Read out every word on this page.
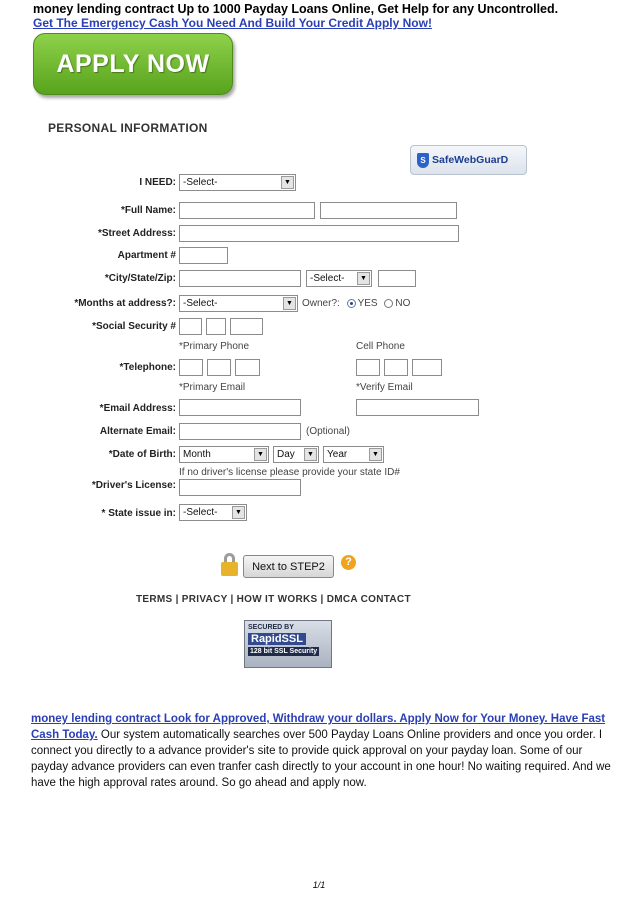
money lending contract Up to 1000 Payday Loans Online, Get Help for any Uncontrolled.
Get The Emergency Cash You Need And Build Your Credit Apply Now!
APPLY NOW
PERSONAL INFORMATION
S SafeWebGuarD
I NEED: -Select-	▼
*Full Name:
*Street Address:
Apartment #
*City/State/Zip:	-Select-	▼
*Months at address?: -Select-	▼ Owner?: YES NO
*Social Security #
*Primary Phone	Cell Phone
*Telephone:
*Primary Email	*Verify Email
*Email Address:
Alternate Email:	(Optional)
*Date of Birth: Month	▼	Day	▼	Year	▼
If no driver's license please provide your state ID#
*Driver's License:
* State issue in: -Select-	▼
Next to STEP2	?
TERMS | PRIVACY | HOW IT WORKS | DMCA CONTACT
SECURED BY
RapidSSL
128 bit SSL Security
money lending contract Look for Approved, Withdraw your dollars. Apply Now for Your Money. Have Fast Cash Today. Our system automatically searches over 500 Payday Loans Online providers and once you order. I connect you directly to a advance provider's site to provide quick approval on your payday loan. Some of our payday advance providers can even tranfer cash directly to your account in one hour! No waiting required. And we have the high approval rates around. So go ahead and apply now.
1/1
